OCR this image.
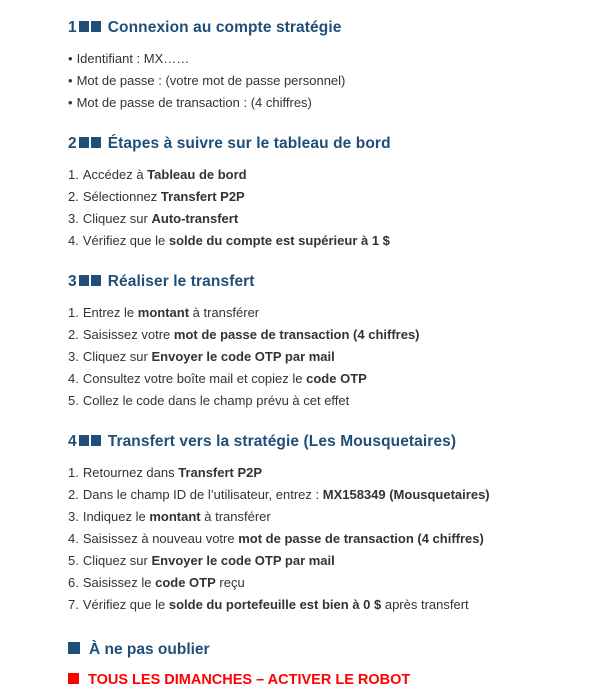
1 Connexion au compte stratégie
• Identifiant : MX……
• Mot de passe : (votre mot de passe personnel)
• Mot de passe de transaction : (4 chiffres)
2 Étapes à suivre sur le tableau de bord
1. Accédez à Tableau de bord
2. Sélectionnez Transfert P2P
3. Cliquez sur Auto-transfert
4. Vérifiez que le solde du compte est supérieur à 1 $
3 Réaliser le transfert
1. Entrez le montant à transférer
2. Saisissez votre mot de passe de transaction (4 chiffres)
3. Cliquez sur Envoyer le code OTP par mail
4. Consultez votre boîte mail et copiez le code OTP
5. Collez le code dans le champ prévu à cet effet
4 Transfert vers la stratégie (Les Mousquetaires)
1. Retournez dans Transfert P2P
2. Dans le champ ID de l’utilisateur, entrez : MX158349 (Mousquetaires)
3. Indiquez le montant à transférer
4. Saisissez à nouveau votre mot de passe de transaction (4 chiffres)
5. Cliquez sur Envoyer le code OTP par mail
6. Saisissez le code OTP reçu
7. Vérifiez que le solde du portefeuille est bien à 0 $ après transfert
À ne pas oublier
TOUS LES DIMANCHES – ACTIVER LE ROBOT
